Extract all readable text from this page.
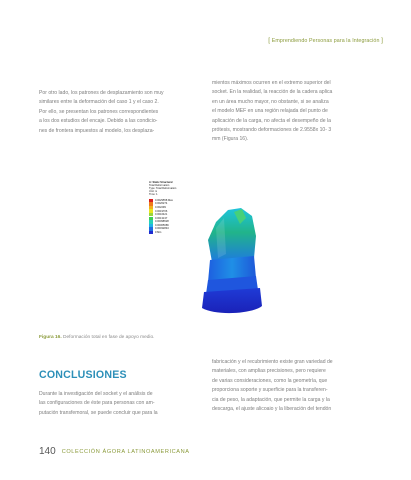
[ Emprendiendo Personas para la Integración ]
Por otro lado, los patrones de desplazamiento son muy
similares entre la deformación del caso 1 y el caso 2.
Por ello, se presentan los patrones correspondientes
a los dos estudios del encaje. Debido a las condicio-
nes de frontera impuestos al modelo, los desplaza-
mientos máximos ocurren en el extremo superior del
socket. En la realidad, la reacción de la cadera aplica
en un área mucho mayor, no obstante, si se analiza
el modelo MEF en una región relajada del punto de
aplicación de la carga, no afecta el desempeño de la
prótesis, mostrando deformaciones de 2.9558x 10- 3
mm (Figura 16).
A: Static Structural
Total Deformation
Type: Total Deformation
Unit: m
Time: 1
0.0029558 Max
0.0026274
0.002299
0.0019706
0.0016421
0.0013137
0.00098528
0.00065686
0.00032843
0 Min
Figura 16. Deformación total en fase de apoyo medio.
CONCLUSIONES
Durante la investigación del socket y el análisis de
las configuraciones de éste para personas con am-
putación transfemoral, se puede concluir que para la
fabricación y el recubrimiento existe gran variedad de
materiales, con amplias precisiones, pero requiere
de varias consideraciones, como la geometría, que
proporciona soporte y superficie para la transferen-
cia de peso, la adaptación, que permite la carga y la
descarga, el ajuste alicoaio y la liberación del tendón
140 COLECCIÓN ÁGORA LATINOAMERICANA
